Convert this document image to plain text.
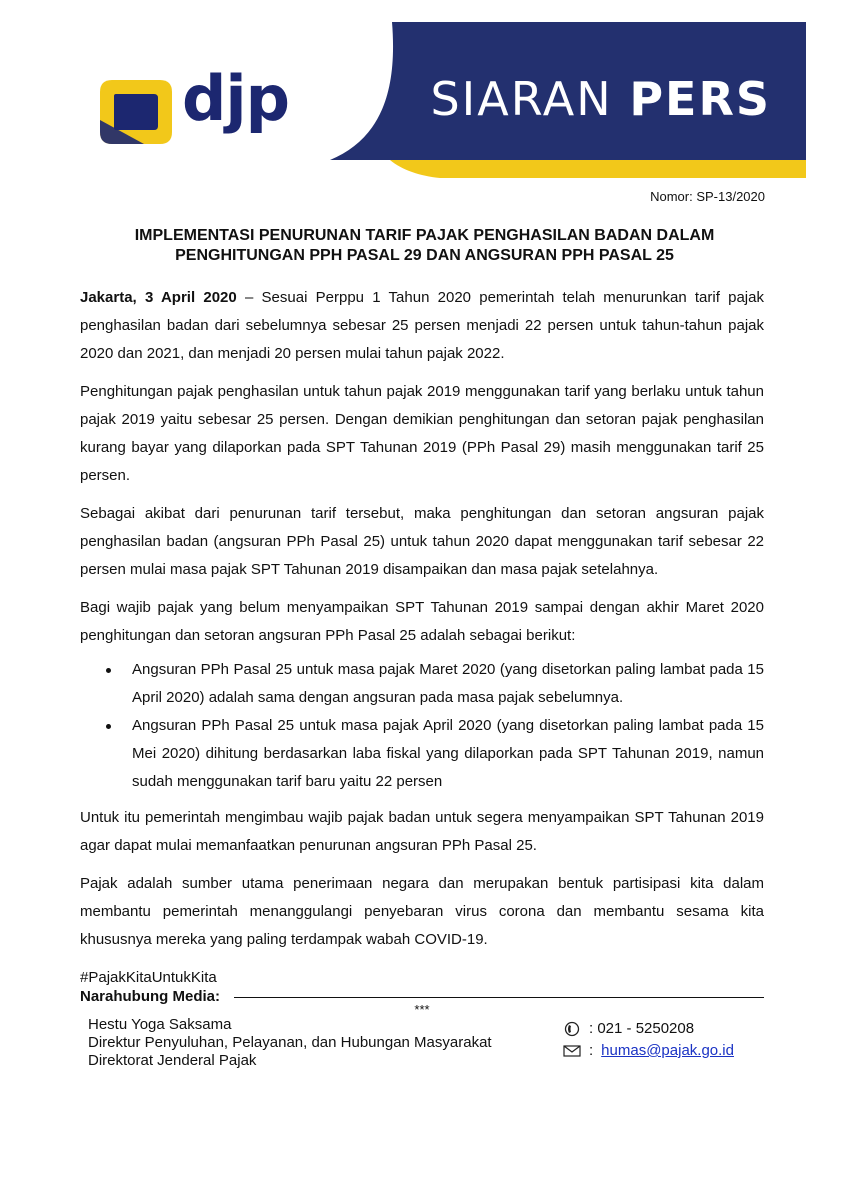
djp	SIARAN PERS
Nomor: SP-13/2020
IMPLEMENTASI PENURUNAN TARIF PAJAK PENGHASILAN BADAN DALAM
PENGHITUNGAN PPH PASAL 29 DAN ANGSURAN PPH PASAL 25

Jakarta, 3 April 2020 – Sesuai Perppu 1 Tahun 2020 pemerintah telah menurunkan tarif pajak penghasilan badan dari sebelumnya sebesar 25 persen menjadi 22 persen untuk tahun-tahun pajak 2020 dan 2021, dan menjadi 20 persen mulai tahun pajak 2022.

Penghitungan pajak penghasilan untuk tahun pajak 2019 menggunakan tarif yang berlaku untuk tahun pajak 2019 yaitu sebesar 25 persen. Dengan demikian penghitungan dan setoran pajak penghasilan kurang bayar yang dilaporkan pada SPT Tahunan 2019 (PPh Pasal 29) masih menggunakan tarif 25 persen.

Sebagai akibat dari penurunan tarif tersebut, maka penghitungan dan setoran angsuran pajak penghasilan badan (angsuran PPh Pasal 25) untuk tahun 2020 dapat menggunakan tarif sebesar 22 persen mulai masa pajak SPT Tahunan 2019 disampaikan dan masa pajak setelahnya.

Bagi wajib pajak yang belum menyampaikan SPT Tahunan 2019 sampai dengan akhir Maret 2020 penghitungan dan setoran angsuran PPh Pasal 25 adalah sebagai berikut:

Angsuran PPh Pasal 25 untuk masa pajak Maret 2020 (yang disetorkan paling lambat pada 15 April 2020) adalah sama dengan angsuran pada masa pajak sebelumnya.
Angsuran PPh Pasal 25 untuk masa pajak April 2020 (yang disetorkan paling lambat pada 15 Mei 2020) dihitung berdasarkan laba fiskal yang dilaporkan pada SPT Tahunan 2019, namun sudah menggunakan tarif baru yaitu 22 persen

Untuk itu pemerintah mengimbau wajib pajak badan untuk segera menyampaikan SPT Tahunan 2019 agar dapat mulai memanfaatkan penurunan angsuran PPh Pasal 25.

Pajak adalah sumber utama penerimaan negara dan merupakan bentuk partisipasi kita dalam membantu pemerintah menanggulangi penyebaran virus corona dan membantu sesama kita khususnya mereka yang paling terdampak wabah COVID-19.

#PajakKitaUntukKita

***
Narahubung Media:
Hestu Yoga Saksama
Direktur Penyuluhan, Pelayanan, dan Hubungan Masyarakat
Direktorat Jenderal Pajak
: 021 - 5250208
: humas@pajak.go.id
